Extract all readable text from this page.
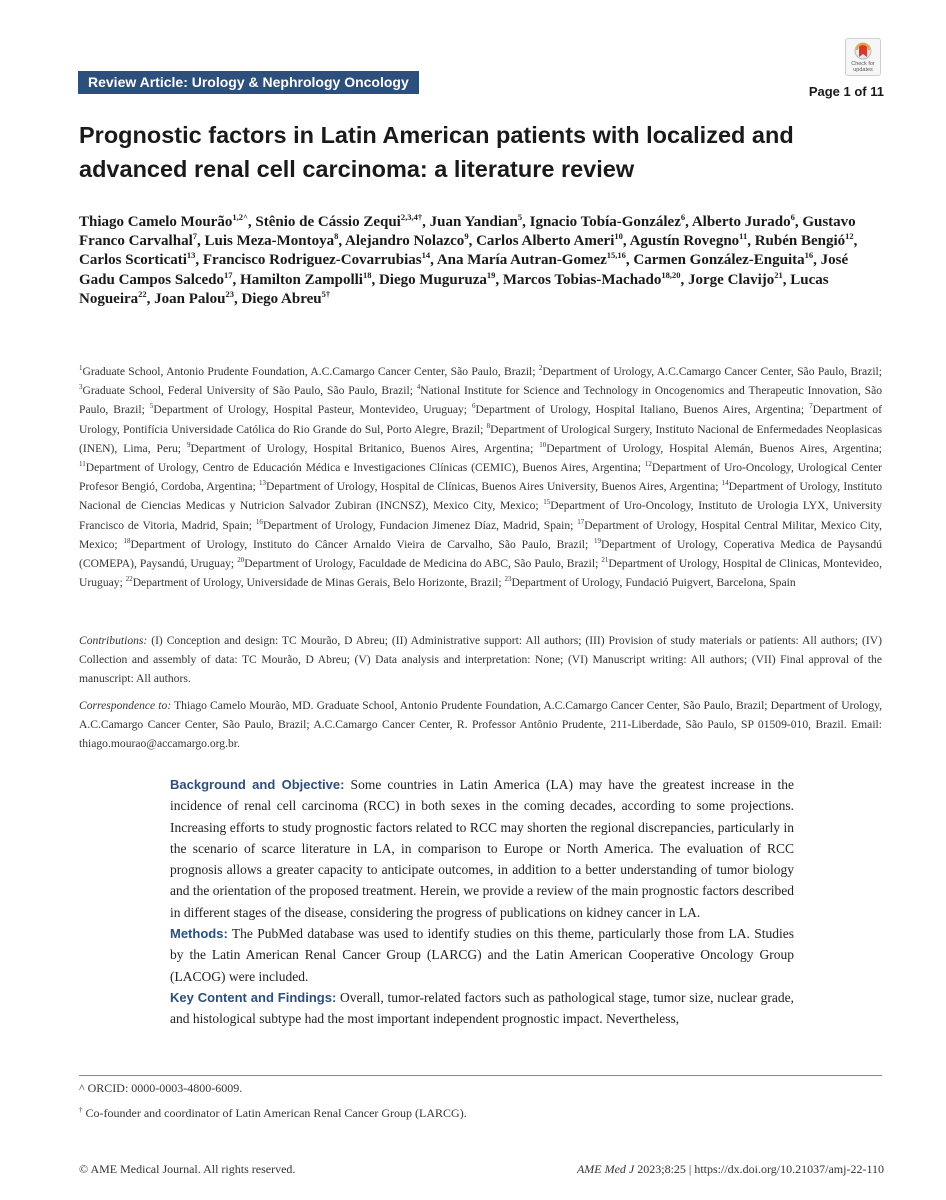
Check for updates
Review Article: Urology & Nephrology Oncology
Page 1 of 11
Prognostic factors in Latin American patients with localized and advanced renal cell carcinoma: a literature review
Thiago Camelo Mourão$^{1,2\^{}}$, Stênio de Cássio Zequi$^{2,3,4\dagger}$, Juan Yandian$^5$, Ignacio Tobía-González$^6$, Alberto Jurado$^6$, Gustavo Franco Carvalhal$^7$, Luis Meza-Montoya$^8$, Alejandro Nolazco$^9$, Carlos Alberto Ameri$^{10}$, Agustín Rovegno$^{11}$, Rubén Bengió$^{12}$, Carlos Scorticati$^{13}$, Francisco Rodriguez-Covarrubias$^{14}$, Ana María Autran-Gomez$^{15,16}$, Carmen González-Enguita$^{16}$, José Gadu Campos Salcedo$^{17}$, Hamilton Zampolli$^{18}$, Diego Muguruza$^{19}$, Marcos Tobias-Machado$^{18,20}$, Jorge Clavijo$^{21}$, Lucas Nogueira$^{22}$, Joan Palou$^{23}$, Diego Abreu$^{5\dagger}$
$^1$Graduate School, Antonio Prudente Foundation, A.C.Camargo Cancer Center, São Paulo, Brazil; $^2$Department of Urology, A.C.Camargo Cancer Center, São Paulo, Brazil; $^3$Graduate School, Federal University of São Paulo, São Paulo, Brazil; $^4$National Institute for Science and Technology in Oncogenomics and Therapeutic Innovation, São Paulo, Brazil; $^5$Department of Urology, Hospital Pasteur, Montevideo, Uruguay; $^6$Department of Urology, Hospital Italiano, Buenos Aires, Argentina; $^7$Department of Urology, Pontifícia Universidade Católica do Rio Grande do Sul, Porto Alegre, Brazil; $^8$Department of Urological Surgery, Instituto Nacional de Enfermedades Neoplasicas (INEN), Lima, Peru; $^9$Department of Urology, Hospital Britanico, Buenos Aires, Argentina; $^{10}$Department of Urology, Hospital Alemán, Buenos Aires, Argentina; $^{11}$Department of Urology, Centro de Educación Médica e Investigaciones Clínicas (CEMIC), Buenos Aires, Argentina; $^{12}$Department of Uro-Oncology, Urological Center Profesor Bengió, Cordoba, Argentina; $^{13}$Department of Urology, Hospital de Clínicas, Buenos Aires University, Buenos Aires, Argentina; $^{14}$Department of Urology, Instituto Nacional de Ciencias Medicas y Nutricion Salvador Zubiran (INCNSZ), Mexico City, Mexico; $^{15}$Department of Uro-Oncology, Instituto de Urologia LYX, University Francisco de Vitoria, Madrid, Spain; $^{16}$Department of Urology, Fundacion Jimenez Díaz, Madrid, Spain; $^{17}$Department of Urology, Hospital Central Militar, Mexico City, Mexico; $^{18}$Department of Urology, Instituto do Câncer Arnaldo Vieira de Carvalho, São Paulo, Brazil; $^{19}$Department of Urology, Coperativa Medica de Paysandú (COMEPA), Paysandú, Uruguay; $^{20}$Department of Urology, Faculdade de Medicina do ABC, São Paulo, Brazil; $^{21}$Department of Urology, Hospital de Clinicas, Montevideo, Uruguay; $^{22}$Department of Urology, Universidade de Minas Gerais, Belo Horizonte, Brazil; $^{23}$Department of Urology, Fundació Puigvert, Barcelona, Spain
Contributions: (I) Conception and design: TC Mourão, D Abreu; (II) Administrative support: All authors; (III) Provision of study materials or patients: All authors; (IV) Collection and assembly of data: TC Mourão, D Abreu; (V) Data analysis and interpretation: None; (VI) Manuscript writing: All authors; (VII) Final approval of the manuscript: All authors.
Correspondence to: Thiago Camelo Mourão, MD. Graduate School, Antonio Prudente Foundation, A.C.Camargo Cancer Center, São Paulo, Brazil; Department of Urology, A.C.Camargo Cancer Center, São Paulo, Brazil; A.C.Camargo Cancer Center, R. Professor Antônio Prudente, 211-Liberdade, São Paulo, SP 01509-010, Brazil. Email: thiago.mourao@accamargo.org.br.

Background and Objective: Some countries in Latin America (LA) may have the greatest increase in the incidence of renal cell carcinoma (RCC) in both sexes in the coming decades, according to some projections. Increasing efforts to study prognostic factors related to RCC may shorten the regional discrepancies, particularly in the scenario of scarce literature in LA, in comparison to Europe or North America. The evaluation of RCC prognosis allows a greater capacity to anticipate outcomes, in addition to a better understanding of tumor biology and the orientation of the proposed treatment. Herein, we provide a review of the main prognostic factors described in different stages of the disease, considering the progress of publications on kidney cancer in LA.

Methods: The PubMed database was used to identify studies on this theme, particularly those from LA. Studies by the Latin American Renal Cancer Group (LARCG) and the Latin American Cooperative Oncology Group (LACOG) were included.

Key Content and Findings: Overall, tumor-related factors such as pathological stage, tumor size, nuclear grade, and histological subtype had the most important independent prognostic impact. Nevertheless,

^ ORCID: 0000-0003-4800-6009.
† Co-founder and coordinator of Latin American Renal Cancer Group (LARCG).
© AME Medical Journal. All rights reserved.	AME Med J 2023;8:25 | https://dx.doi.org/10.21037/amj-22-110
